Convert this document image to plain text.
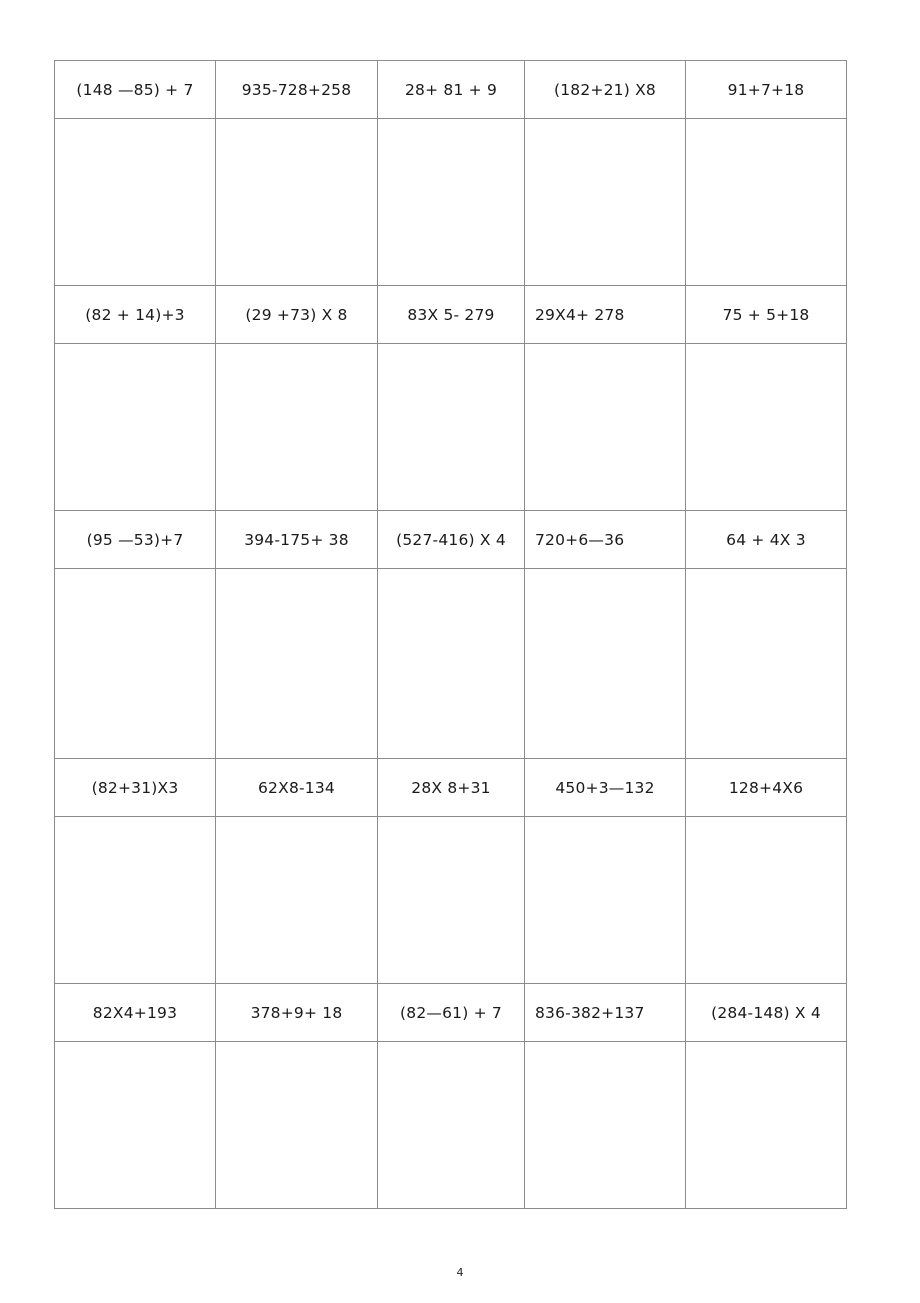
(148 —85) + 7	935-728+258	28+ 81 + 9	(182+21) X8	91+7+18

(82 + 14)+3	(29 +73) X 8	83X 5- 279	29X4+ 278	75 + 5+18

(95 —53)+7	394-175+ 38	(527-416) X 4	720+6—36	64 + 4X 3

(82+31)X3	62X8-134	28X 8+31	450+3—132	128+4X6

82X4+193	378+9+ 18	(82—61) + 7	836-382+137	(284-148) X 4

4
